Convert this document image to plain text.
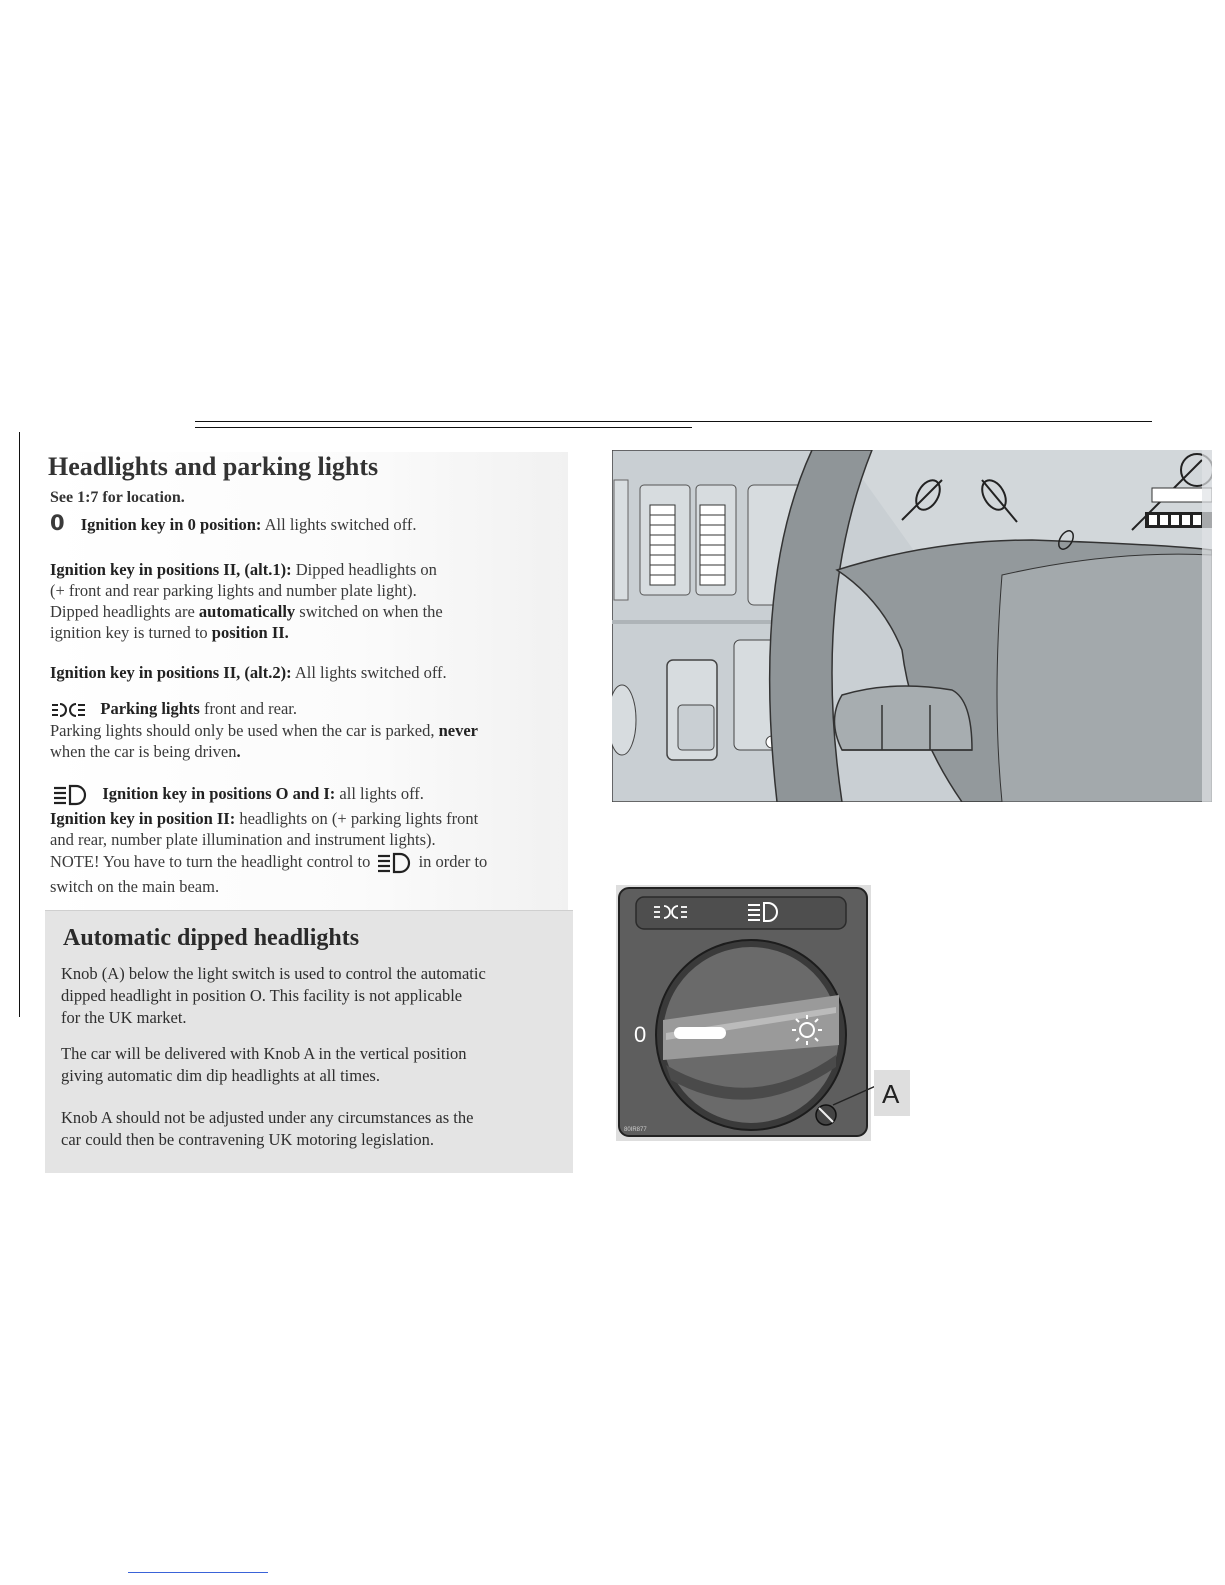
Headlights and parking lights
See 1:7 for location.
0 Ignition key in 0 position: All lights switched off.
Ignition key in positions II, (alt.1): Dipped headlights on
(+ front and rear parking lights and number plate light).
Dipped headlights are automatically switched on when the
ignition key is turned to position II.
Ignition key in positions II, (alt.2): All lights switched off.
Parking lights front and rear.
Parking lights should only be used when the car is parked, never
when the car is being driven.
Ignition key in positions O and I: all lights off.
Ignition key in position II: headlights on (+ parking lights front
and rear, number plate illumination and instrument lights).
NOTE! You have to turn the headlight control to	in order to
switch on the main beam.
Automatic dipped headlights

Knob (A) below the light switch is used to control the automatic
dipped headlight in position O. This facility is not applicable
for the UK market.

The car will be delivered with Knob A in the vertical position
giving automatic dim dip headlights at all times.

Knob A should not be adjusted under any circumstances as the
car could then be contravening UK motoring legislation.

0
A
80IR877
